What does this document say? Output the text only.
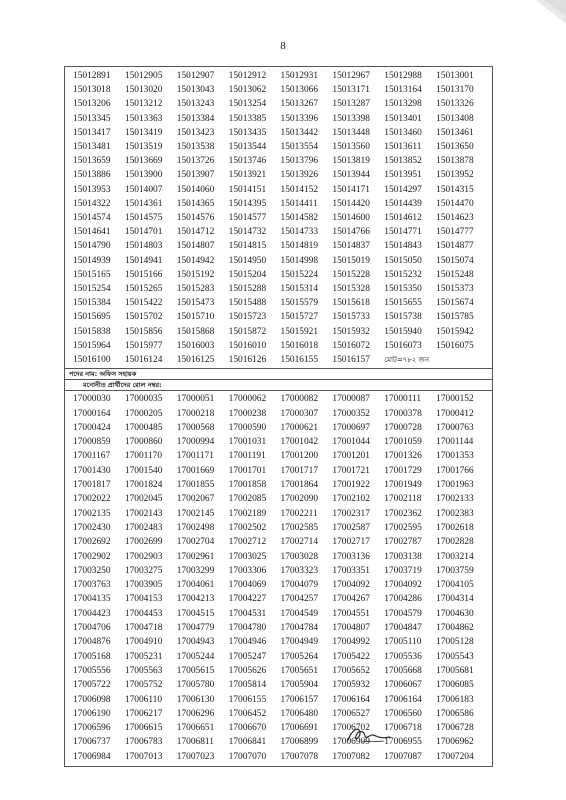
8
15012891	15012905	15012907	15012912	15012931	15012967	15012988	15013001
15013018	15013020	15013043	15013062	15013066	15013171	15013164	15013170
15013206	15013212	15013243	15013254	15013267	15013287	15013298	15013326
15013345	15013363	15013384	15013385	15013396	15013398	15013401	15013408
15013417	15013419	15013423	15013435	15013442	15013448	15013460	15013461
15013481	15013519	15013538	15013544	15013554	15013560	15013611	15013650
15013659	15013669	15013726	15013746	15013796	15013819	15013852	15013878
15013886	15013900	15013907	15013921	15013926	15013944	15013951	15013952
15013953	15014007	15014060	15014151	15014152	15014171	15014297	15014315
15014322	15014361	15014365	15014395	15014411	15014420	15014439	15014470
15014574	15014575	15014576	15014577	15014582	15014600	15014612	15014623
15014641	15014701	15014712	15014732	15014733	15014766	15014771	15014777
15014790	15014803	15014807	15014815	15014819	15014837	15014843	15014877
15014939	15014941	15014942	15014950	15014998	15015019	15015050	15015074
15015165	15015166	15015192	15015204	15015224	15015228	15015232	15015248
15015254	15015265	15015283	15015288	15015314	15015328	15015350	15015373
15015384	15015422	15015473	15015488	15015579	15015618	15015655	15015674
15015695	15015702	15015710	15015723	15015727	15015733	15015738	15015785
15015838	15015856	15015868	15015872	15015921	15015932	15015940	15015942
15015964	15015977	15016003	15016010	15016018	15016072	15016073	15016075
15016100	15016124	15016125	15016126	15016155	15016157	মোট=৭৮২ জন	
পদের নাম: অফিস সহায়ক
মনোনীত প্রার্থীদের রোল নম্বর:
17000030	17000035	17000051	17000062	17000082	17000087	17000111	17000152
17000164	17000205	17000218	17000238	17000307	17000352	17000378	17000412
17000424	17000485	17000568	17000590	17000621	17000697	17000728	17000763
17000859	17000860	17000994	17001031	17001042	17001044	17001059	17001144
17001167	17001170	17001171	17001191	17001200	17001201	17001326	17001353
17001430	17001540	17001669	17001701	17001717	17001721	17001729	17001766
17001817	17001824	17001855	17001858	17001864	17001922	17001949	17001963
17002022	17002045	17002067	17002085	17002090	17002102	17002118	17002133
17002135	17002143	17002145	17002189	17002211	17002317	17002362	17002383
17002430	17002483	17002498	17002502	17002585	17002587	17002595	17002618
17002692	17002699	17002704	17002712	17002714	17002717	17002787	17002828
17002902	17002903	17002961	17003025	17003028	17003136	17003138	17003214
17003250	17003275	17003299	17003306	17003323	17003351	17003719	17003759
17003763	17003905	17004061	17004069	17004079	17004092	17004092	17004105
17004135	17004153	17004213	17004227	17004257	17004267	17004286	17004314
17004423	17004453	17004515	17004531	17004549	17004551	17004579	17004630
17004706	17004718	17004779	17004780	17004784	17004807	17004847	17004862
17004876	17004910	17004943	17004946	17004949	17004992	17005110	17005128
17005168	17005231	17005244	17005247	17005264	17005422	17005536	17005543
17005556	17005563	17005615	17005626	17005651	17005652	17005668	17005681
17005722	17005752	17005780	17005814	17005904	17005932	17006067	17006085
17006098	17006110	17006130	17006155	17006157	17006164	17006164	17006183
17006190	17006217	17006296	17006452	17006480	17006527	17006560	17006586
17006596	17006615	17006651	17006670	17006691	17006702	17006718	17006728
17006737	17006783	17006811	17006841	17006899	17006909	17006955	17006962
17006984	17007013	17007023	17007070	17007078	17007082	17007087	17007204
